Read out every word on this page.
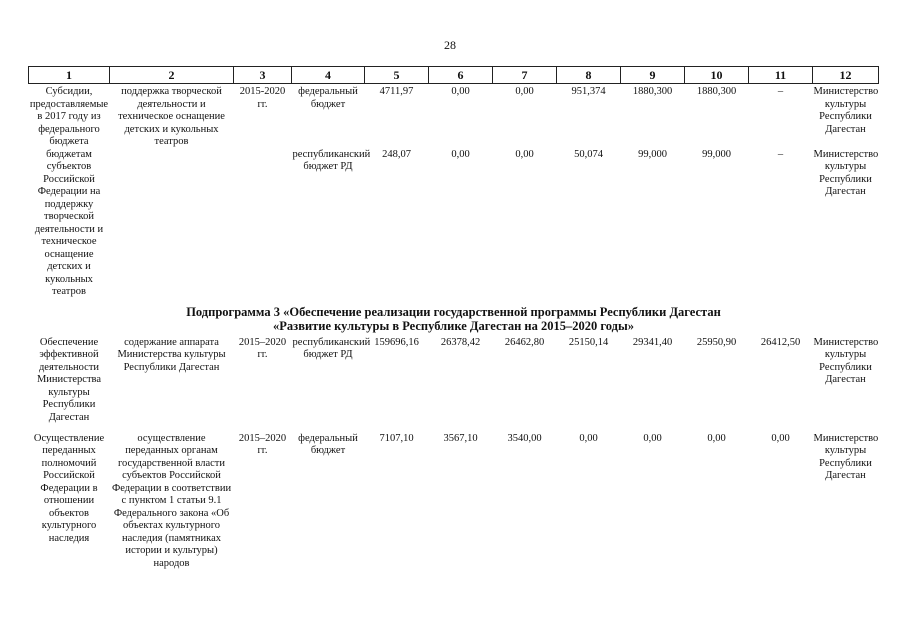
28
1	2	3	4	5	6	7	8	9	10	11	12
Субсидии, предоставляемые в 2017 году из федерального бюджета бюджетам субъектов Российской Федерации на поддержку творческой деятельности и техническое оснащение детских и кукольных театров	поддержка творческой деятельности и техническое оснащение детских и кукольных театров	2015-2020 гг.	федеральный бюджет	4711,97	0,00	0,00	951,374	1880,300	1880,300	–	Министерство культуры Республики Дагестан
			республиканский бюджет РД	248,07	0,00	0,00	50,074	99,000	99,000	–	Министерство культуры Республики Дагестан

Подпрограмма 3 «Обеспечение реализации государственной программы Республики Дагестан
«Развитие культуры в Республике Дагестан на 2015–2020 годы»											

Обеспечение эффективной деятельности Министерства культуры Республики Дагестан	содержание аппарата Министерства культуры Республики Дагестан	2015–2020 гг.	республиканский бюджет РД	159696,16	26378,42	26462,80	25150,14	29341,40	25950,90	26412,50	Министерство культуры Республики Дагестан
Осуществление переданных полномочий Российской Федерации в отношении объектов культурного наследия	осуществление переданных органам государственной власти субъектов Российской Федерации в соответствии с пунктом 1 статьи 9.1 Федерального закона «Об объектах культурного наследия (памятниках истории и культуры) народов	2015–2020 гг.	федеральный бюджет	7107,10	3567,10	3540,00	0,00	0,00	0,00	0,00	Министерство культуры Республики Дагестан
